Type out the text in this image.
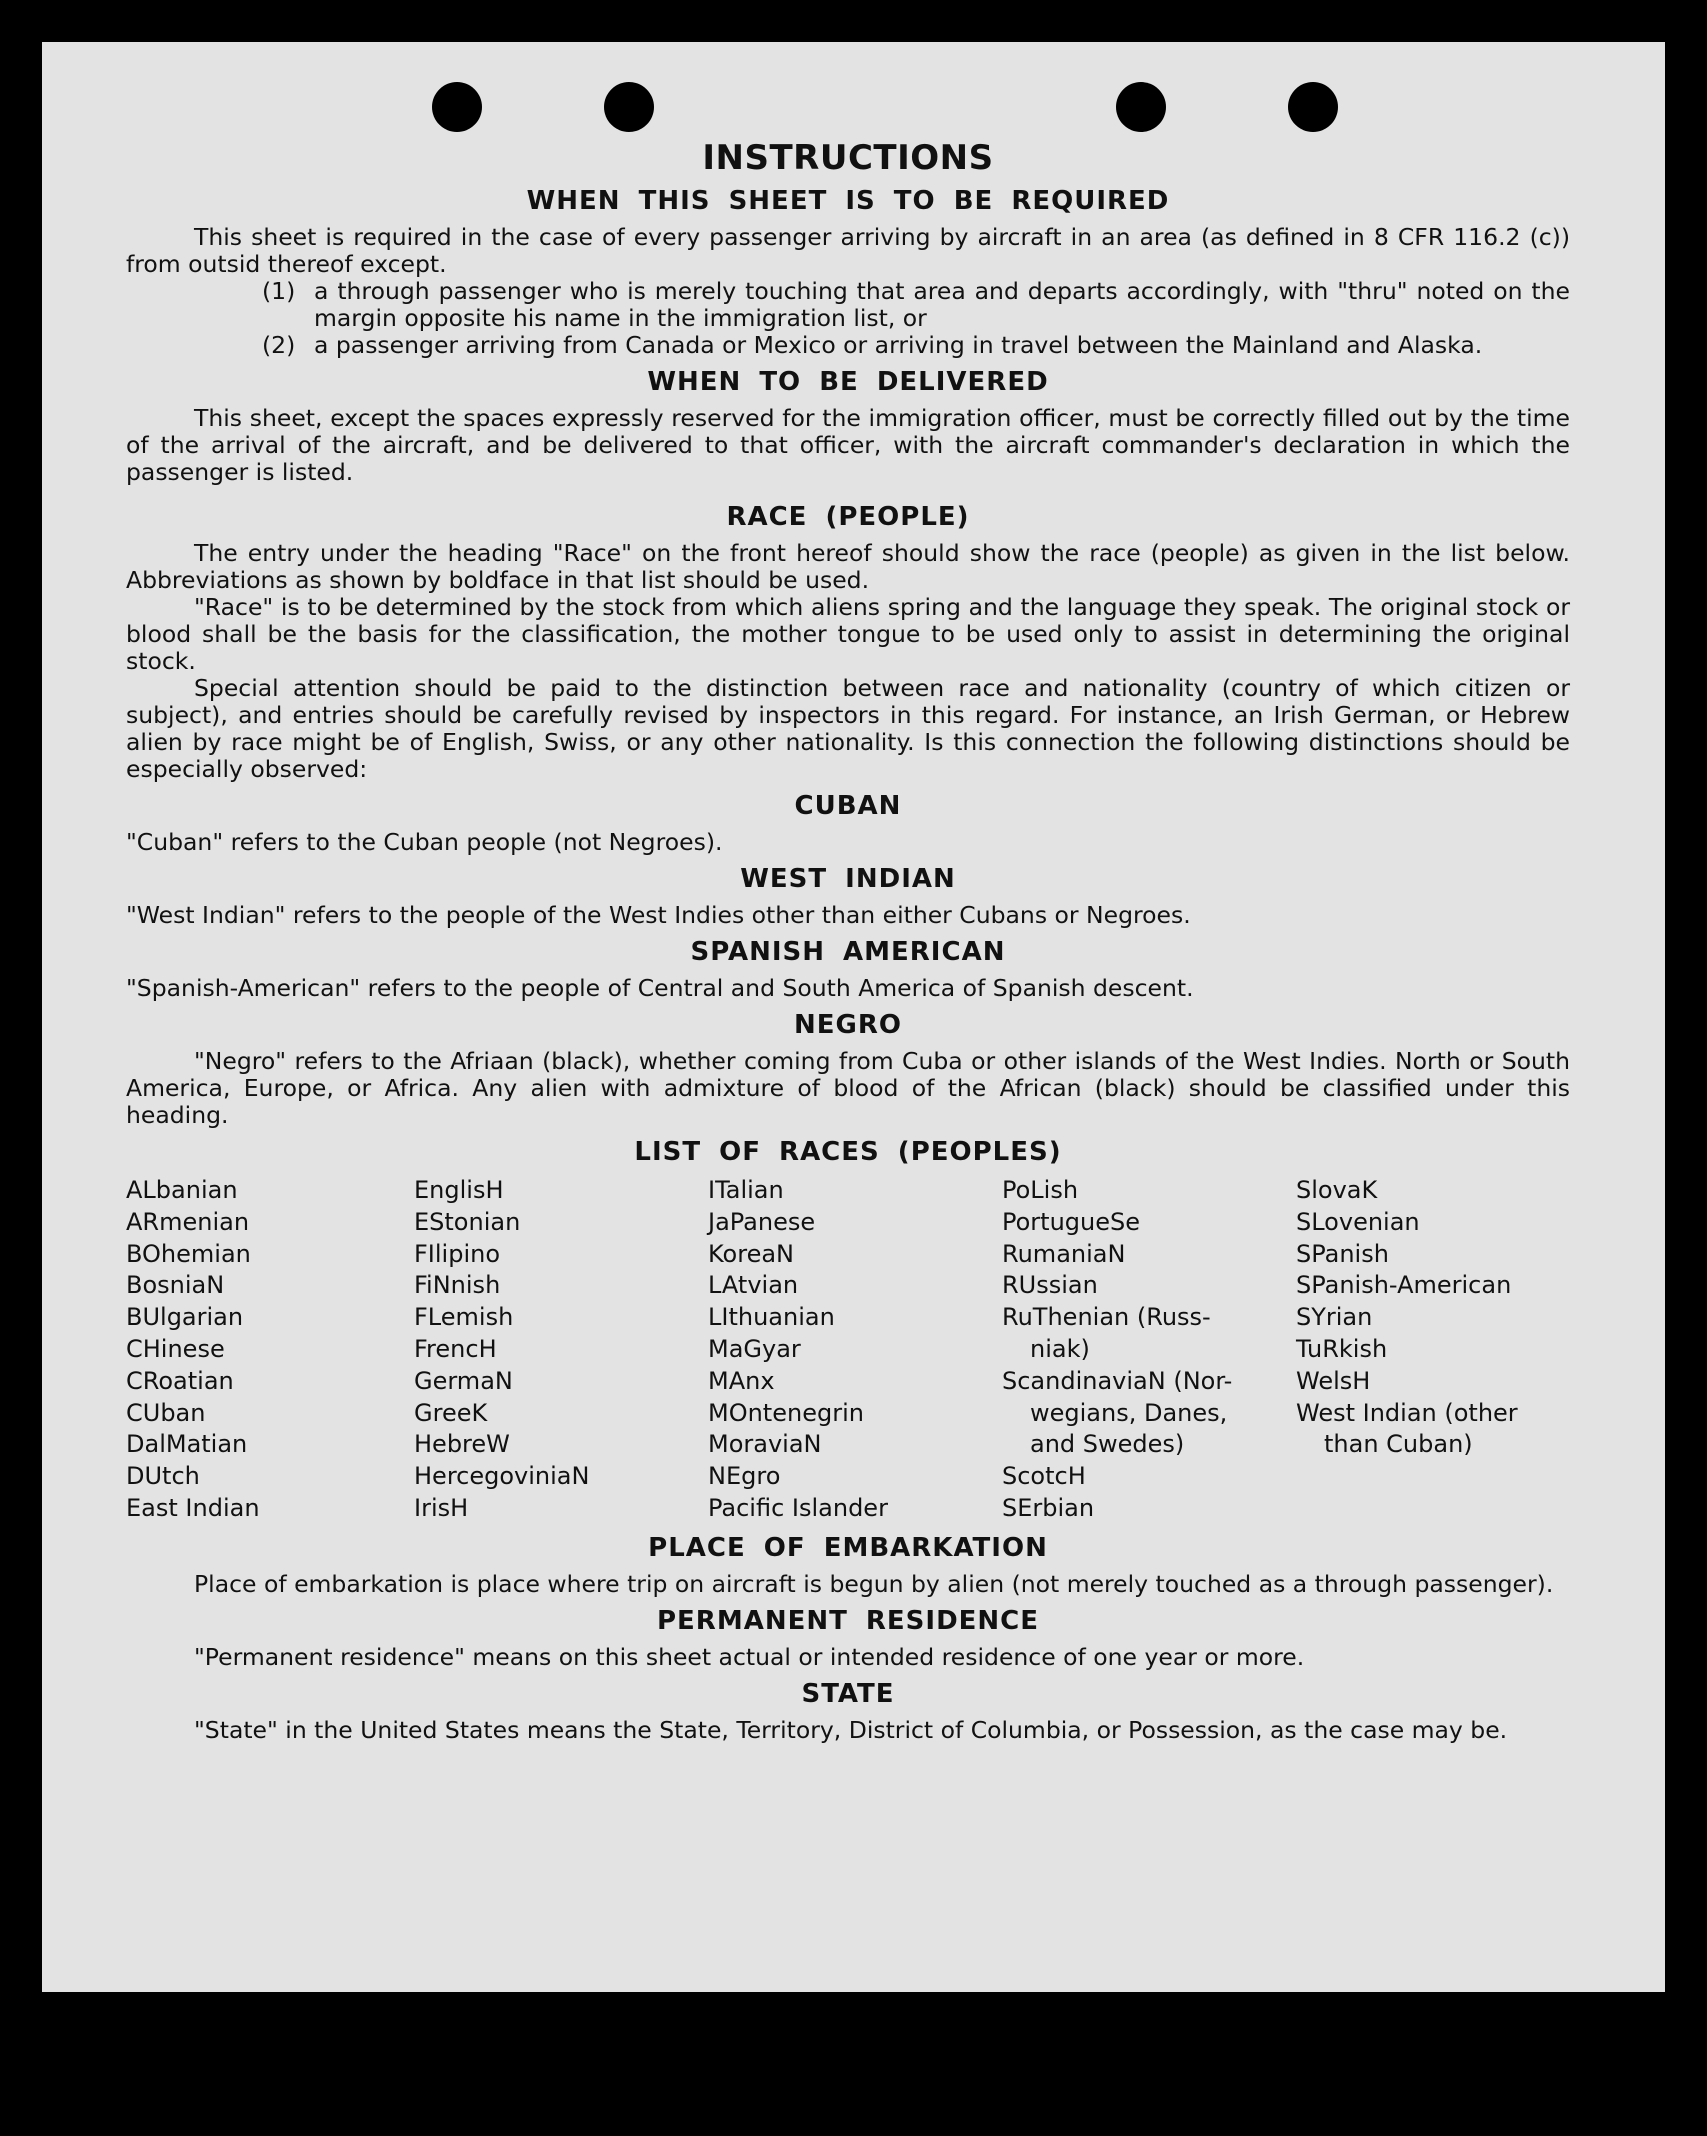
INSTRUCTIONS
WHEN THIS SHEET IS TO BE REQUIRED

This sheet is required in the case of every passenger arriving by aircraft in an area (as defined in 8 CFR 116.2 (c)) from outsid thereof except.

(1) a through passenger who is merely touching that area and departs accordingly, with "thru" noted on the margin opposite his name in the immigration list, or
(2) a passenger arriving from Canada or Mexico or arriving in travel between the Mainland and Alaska.
WHEN TO BE DELIVERED

This sheet, except the spaces expressly reserved for the immigration officer, must be correctly filled out by the time of the arrival of the aircraft, and be delivered to that officer, with the aircraft commander's declaration in which the passenger is listed.

RACE (PEOPLE)

The entry under the heading "Race" on the front hereof should show the race (people) as given in the list below. Abbreviations as shown by boldface in that list should be used.

"Race" is to be determined by the stock from which aliens spring and the language they speak. The original stock or blood shall be the basis for the classification, the mother tongue to be used only to assist in determining the original stock.

Special attention should be paid to the distinction between race and nationality (country of which citizen or subject), and entries should be carefully revised by inspectors in this regard. For instance, an Irish German, or Hebrew alien by race might be of English, Swiss, or any other nationality. Is this connection the following distinctions should be especially observed:

CUBAN

"Cuban" refers to the Cuban people (not Negroes).

WEST INDIAN

"West Indian" refers to the people of the West Indies other than either Cubans or Negroes.

SPANISH AMERICAN

"Spanish-American" refers to the people of Central and South America of Spanish descent.

NEGRO

"Negro" refers to the Afriaan (black), whether coming from Cuba or other islands of the West Indies. North or South America, Europe, or Africa. Any alien with admixture of blood of the African (black) should be classified under this heading.

LIST OF RACES (PEOPLES)
ALbanian
ARmenian
BOhemian
BosniaN
BUlgarian
CHinese
CRoatian
CUban
DalMatian
DUtch
East Indian
EnglisH
EStonian
FIlipino
FiNnish
FLemish
FrencH
GermaN
GreeK
HebreW
HercegoviniaN
IrisH
ITalian
JaPanese
KoreaN
LAtvian
LIthuanian
MaGyar
MAnx
MOntenegrin
MoraviaN
NEgro
Pacific Islander
PoLish
PortugueSe
RumaniaN
RUssian
RuThenian (Russ-
niak)
ScandinaviaN (Nor-
wegians, Danes,
and Swedes)
ScotcH
SErbian
SlovaK
SLovenian
SPanish
SPanish-American
SYrian
TuRkish
WelsH
West Indian (other
than Cuban)
PLACE OF EMBARKATION

Place of embarkation is place where trip on aircraft is begun by alien (not merely touched as a through passenger).

PERMANENT RESIDENCE

"Permanent residence" means on this sheet actual or intended residence of one year or more.

STATE

"State" in the United States means the State, Territory, District of Columbia, or Possession, as the case may be.
